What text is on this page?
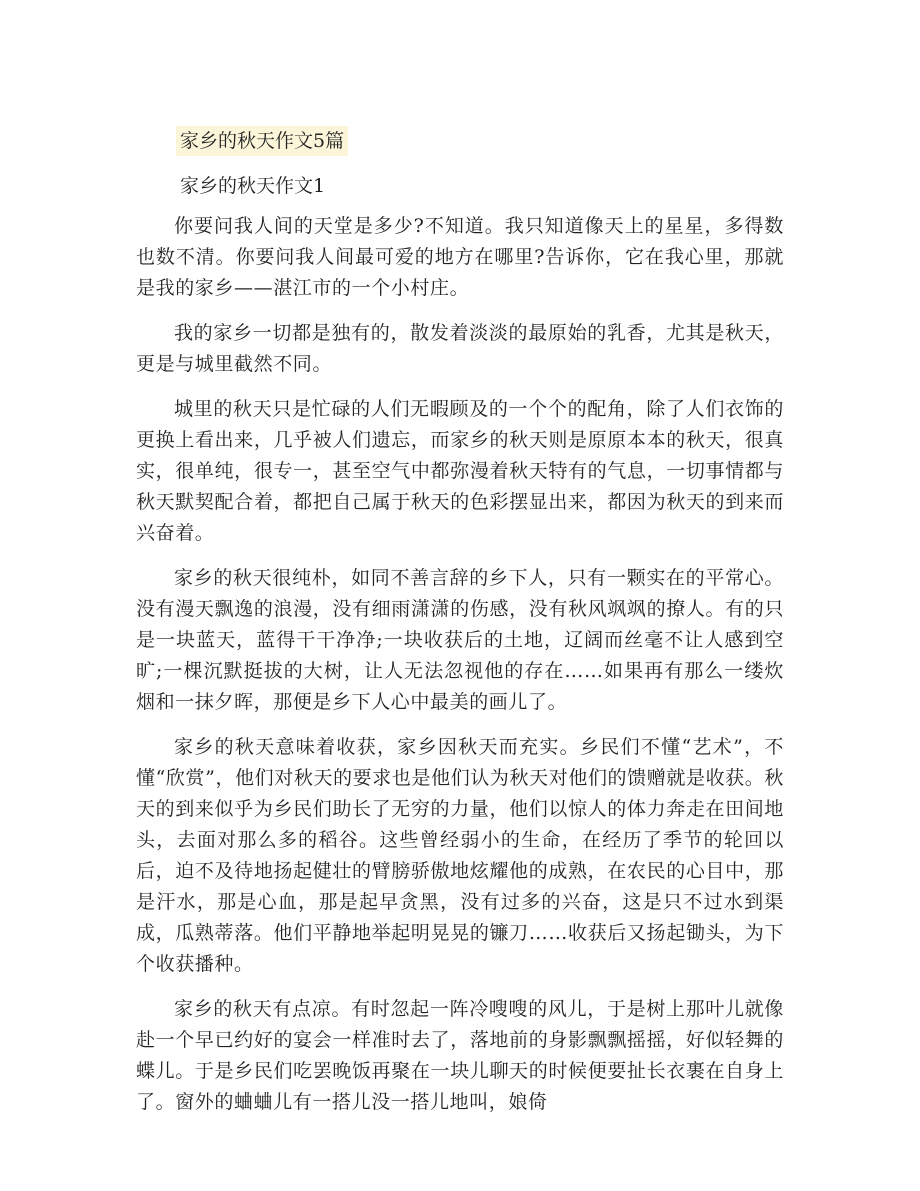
家乡的秋天作文5篇
家乡的秋天作文1

你要问我人间的天堂是多少?不知道。我只知道像天上的星星，多得数也数不清。你要问我人间最可爱的地方在哪里?告诉你，它在我心里，那就是我的家乡——湛江市的一个小村庄。

我的家乡一切都是独有的，散发着淡淡的最原始的乳香，尤其是秋天，更是与城里截然不同。

城里的秋天只是忙碌的人们无暇顾及的一个个的配角，除了人们衣饰的更换上看出来，几乎被人们遗忘，而家乡的秋天则是原原本本的秋天，很真实，很单纯，很专一，甚至空气中都弥漫着秋天特有的气息，一切事情都与秋天默契配合着，都把自己属于秋天的色彩摆显出来，都因为秋天的到来而兴奋着。

家乡的秋天很纯朴，如同不善言辞的乡下人，只有一颗实在的平常心。没有漫天飘逸的浪漫，没有细雨潇潇的伤感，没有秋风飒飒的撩人。有的只是一块蓝天，蓝得干干净净;一块收获后的土地，辽阔而丝毫不让人感到空旷;一棵沉默挺拔的大树，让人无法忽视他的存在……如果再有那么一缕炊烟和一抹夕晖，那便是乡下人心中最美的画儿了。

家乡的秋天意味着收获，家乡因秋天而充实。乡民们不懂“艺术”，不懂“欣赏”，他们对秋天的要求也是他们认为秋天对他们的馈赠就是收获。秋天的到来似乎为乡民们助长了无穷的力量，他们以惊人的体力奔走在田间地头，去面对那么多的稻谷。这些曾经弱小的生命，在经历了季节的轮回以后，迫不及待地扬起健壮的臂膀骄傲地炫耀他的成熟，在农民的心目中，那是汗水，那是心血，那是起早贪黑，没有过多的兴奋，这是只不过水到渠成，瓜熟蒂落。他们平静地举起明晃晃的镰刀……收获后又扬起锄头，为下个收获播种。

家乡的秋天有点凉。有时忽起一阵冷嗖嗖的风儿，于是树上那叶儿就像赴一个早已约好的宴会一样准时去了，落地前的身影飘飘摇摇，好似轻舞的蝶儿。于是乡民们吃罢晚饭再聚在一块儿聊天的时候便要扯长衣裹在自身上了。窗外的蛐蛐儿有一搭儿没一搭儿地叫，娘倚
